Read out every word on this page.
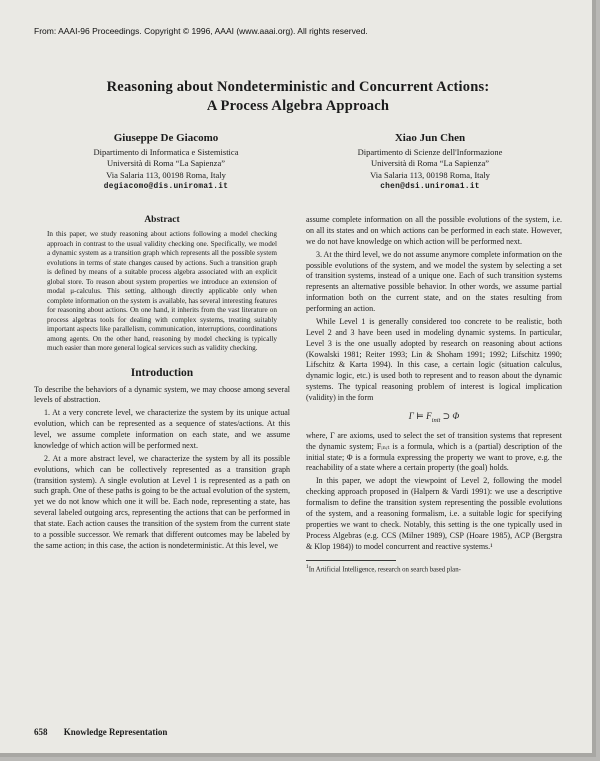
From: AAAI-96 Proceedings. Copyright © 1996, AAAI (www.aaai.org). All rights reserved.
Reasoning about Nondeterministic and Concurrent Actions:
A Process Algebra Approach
Giuseppe De Giacomo
Dipartimento di Informatica e Sistemistica
Università di Roma “La Sapienza”
Via Salaria 113, 00198 Roma, Italy
degiacomo@dis.uniroma1.it
Xiao Jun Chen
Dipartimento di Scienze dell'Informazione
Università di Roma “La Sapienza”
Via Salaria 113, 00198 Roma, Italy
chen@dsi.uniroma1.it
Abstract

In this paper, we study reasoning about actions following a model checking approach in contrast to the usual validity checking one. Specifically, we model a dynamic system as a transition graph which represents all the possible system evolutions in terms of state changes caused by actions. Such a transition graph is defined by means of a suitable process algebra associated with an explicit global store. To reason about system properties we introduce an extension of modal μ-calculus. This setting, although directly applicable only when complete information on the system is available, has several interesting features for reasoning about actions. On one hand, it inherits from the vast literature on process algebras tools for dealing with complex systems, treating suitably important aspects like parallelism, communication, interruptions, coordinations among agents. On the other hand, reasoning by model checking is typically much easier than more general logical services such as validity checking.

Introduction

To describe the behaviors of a dynamic system, we may choose among several levels of abstraction.

1. At a very concrete level, we characterize the system by its unique actual evolution, which can be represented as a sequence of states/actions. At this level, we assume complete information on each state, and we assume knowledge of which action will be performed next.

2. At a more abstract level, we characterize the system by all its possible evolutions, which can be collectively represented as a transition graph (transition system). A single evolution at Level 1 is represented as a path on such graph. One of these paths is going to be the actual evolution of the system, yet we do not know which one it will be. Each node, representing a state, has several labeled outgoing arcs, representing the actions that can be performed in that state. Each action causes the transition of the system from the current state to a possible successor. We remark that different outcomes may be labeled by the same action; in this case, the action is nondeterministic. At this level, we

assume complete information on all the possible evolutions of the system, i.e. on all its states and on which actions can be performed in each state. However, we do not have knowledge on which action will be performed next.

3. At the third level, we do not assume anymore complete information on the possible evolutions of the system, and we model the system by selecting a set of transition systems, instead of a unique one. Each of such transition systems represents an alternative possible behavior. In other words, we assume partial information both on the current state, and on the states resulting from performing an action.

While Level 1 is generally considered too concrete to be realistic, both Level 2 and 3 have been used in modeling dynamic systems. In particular, Level 3 is the one usually adopted by research on reasoning about actions (Kowalski 1981; Reiter 1993; Lin & Shoham 1991; 1992; Lifschitz 1990; Lifschitz & Karta 1994). In this case, a certain logic (situation calculus, dynamic logic, etc.) is used both to represent and to reason about the dynamic systems. The typical reasoning problem of interest is logical implication (validity) in the form

Γ ⊨ $F_{init}$ ⊃ Φ

where, Γ are axioms, used to select the set of transition systems that represent the dynamic system; Fᵢₙᵢₜ is a formula, which is a (partial) description of the initial state; Φ is a formula expressing the property we want to prove, e.g. the reachability of a state where a certain property (the goal) holds.

In this paper, we adopt the viewpoint of Level 2, following the model checking approach proposed in (Halpern & Vardi 1991): we use a descriptive formalism to define the transition system representing the possible evolutions of the system, and a reasoning formalism, i.e. a suitable logic for specifying properties we want to check. Notably, this setting is the one typically used in Process Algebras (e.g. CCS (Milner 1989), CSP (Hoare 1985), ACP (Bergstra & Klop 1984)) to model concurrent and reactive systems.¹

$^1$In Artificial Intelligence, research on search based plan-

658 Knowledge Representation
